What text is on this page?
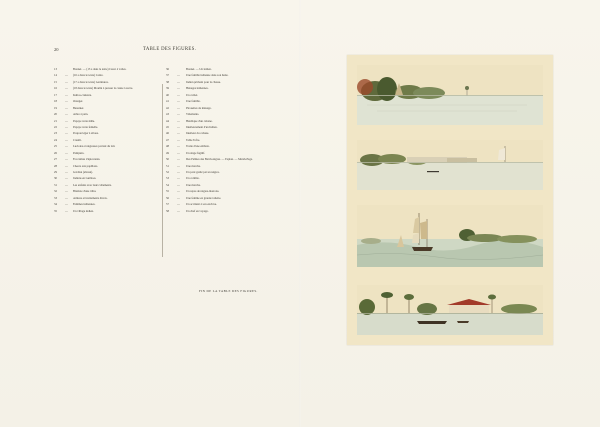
20	TABLE DES FIGURES.
13	Bonnet. — (13 a dans le texte) Canot à voiles.
14	— (16 a dans le texte) Cadre.
15	— (17 a dans le texte) Garnitures.
16	— (18 dans le texte) Moulin à presser la canne à sucre.
17	— Kulios-cruktara.
18	— Oranger.
19	— Bananier.
20	— Arbre à pain.
21	— Papaye verte mâle.
22	— Papaye verte femelle.
23	— Poupon léger à allous.
24	— Crusili.
25	— Lucioles et négresses portant du lait.
26	— Pamplets.
27	— Fou ximas d'épicerants.
28	— Cheers aux papillons.
29	— Gavilan (abrasé).
30	— Indiens en Guilloes.
31	— Les enfants avec leurs vêtements.
32	— Blaxiste d'une tribu.
33	— Armure et instruments divers.
34	— Femmes indiennes.
35	— Un village indien.
36	Bonnet. — Un indien.
37	— Une famille indienne dans son hutte.
38	— Indien pêchant pour la chasse.
39	— Hénages indiennes.
40	— Un carbet.
41	— Une famille.
42	— Pirouettes de ménage.
43	— Vêtements.
44	— Hérétique d'un cabane.
45	— Intérieurement d'un Indien.
46	— Intérieur du cabane.
47	— Table Tofre.
48	— Traite d'une embrèe.
49	— Un singe fugitif.
50	— Des Palmes des Batch-nègres. — Esplan. — Marsh-Paga.
51	— Une marche.
52	— Un pont gardé par un nègres.
53	— Un comble.
54	— Une marche.
55	— Un repas de nègres-marrons.
56	— Une femme en grande toilette.
57	— Un accident à son enclave.
58	— Un chef en voyage.
FIN DE LA TABLE DES FIGURES.
